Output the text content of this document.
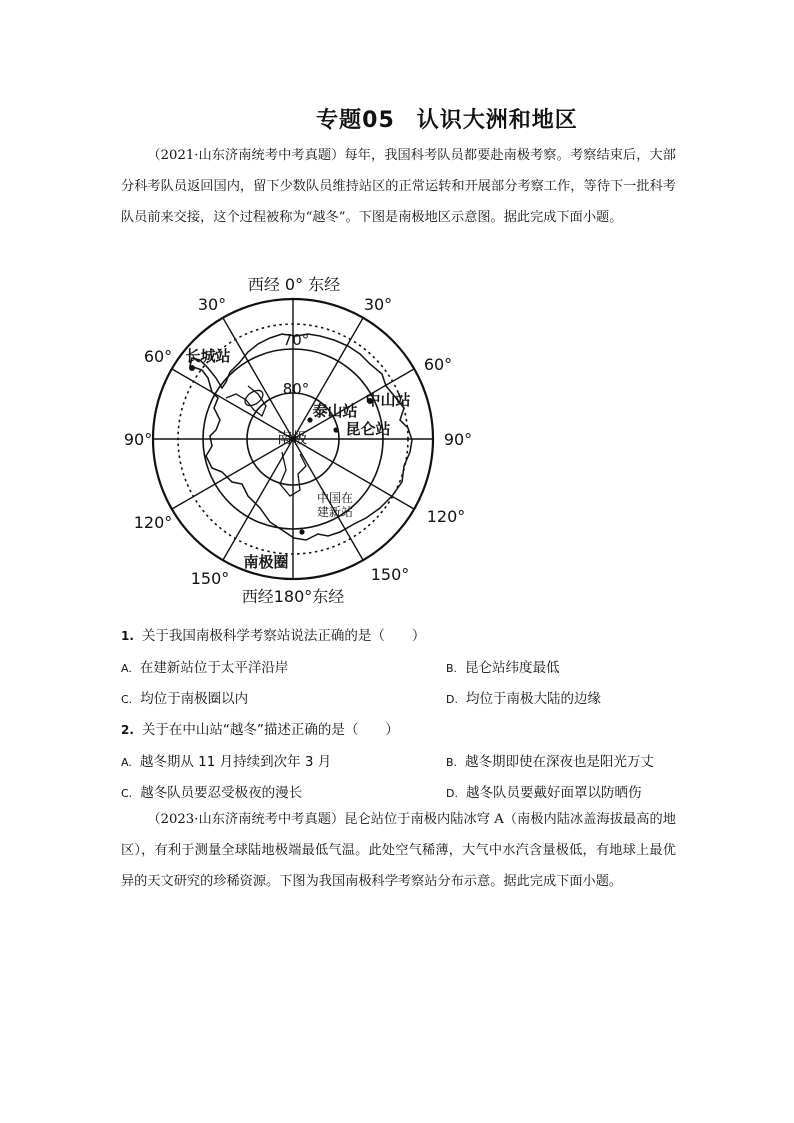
专题05 认识大洲和地区
（2021·山东济南统考中考真题）每年，我国科考队员都要赴南极考察。考察结束后，大部分科考队员返回国内，留下少数队员维持站区的正常运转和开展部分考察工作，等待下一批科考队员前来交接，这个过程被称为“越冬”。下图是南极地区示意图。据此完成下面小题。
西经 0° 东经
西经180°东经
30°	30°
60°	60°
90°	90°
120°	120°
150°	150°
70°
80°
南极
长城站
中山站
泰山站
昆仑站
南极圈
中国在
建新站
1. 关于我国南极科学考察站说法正确的是（　　）
A. 在建新站位于太平洋沿岸	B. 昆仑站纬度最低
C. 均位于南极圈以内	D. 均位于南极大陆的边缘
2. 关于在中山站“越冬”描述正确的是（　　）
A. 越冬期从 11 月持续到次年 3 月	B. 越冬期即使在深夜也是阳光万丈
C. 越冬队员要忍受极夜的漫长	D. 越冬队员要戴好面罩以防晒伤
（2023·山东济南统考中考真题）昆仑站位于南极内陆冰穹 A（南极内陆冰盖海拔最高的地区），有利于测量全球陆地极端最低气温。此处空气稀薄，大气中水汽含量极低，有地球上最优异的天文研究的珍稀资源。下图为我国南极科学考察站分布示意。据此完成下面小题。
